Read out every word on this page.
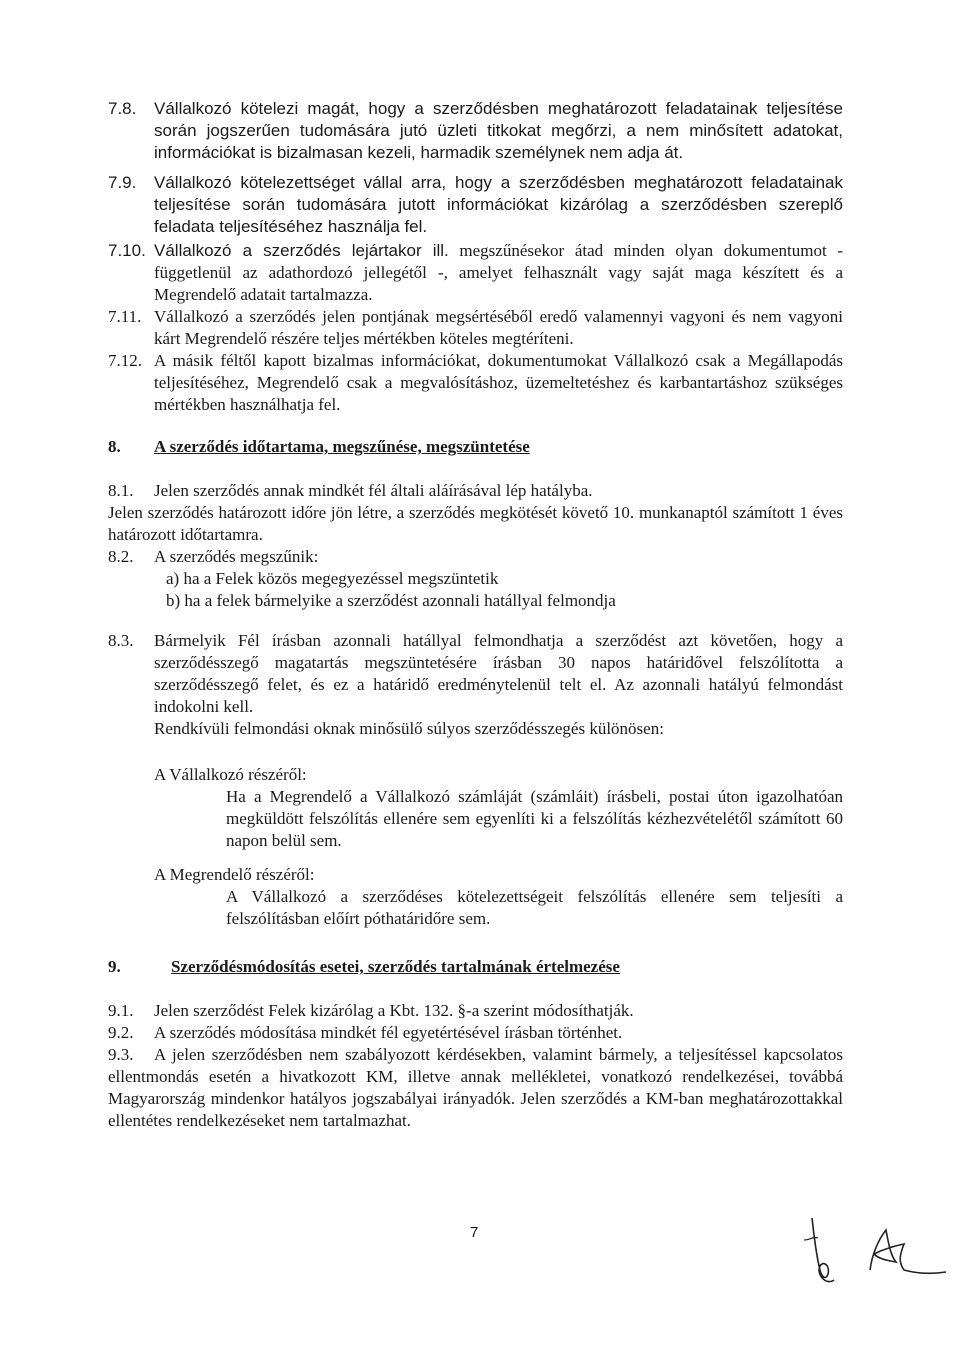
7.8. Vállalkozó kötelezi magát, hogy a szerződésben meghatározott feladatainak teljesítése során jogszerűen tudomására jutó üzleti titkokat megőrzi, a nem minősített adatokat, információkat is bizalmasan kezeli, harmadik személynek nem adja át.
7.9. Vállalkozó kötelezettséget vállal arra, hogy a szerződésben meghatározott feladatainak teljesítése során tudomására jutott információkat kizárólag a szerződésben szereplő feladata teljesítéséhez használja fel.
7.10. Vállalkozó a szerződés lejártakor ill. megszűnésekor átad minden olyan dokumentumot - függetlenül az adathordozó jellegétől -, amelyet felhasznált vagy saját maga készített és a Megrendelő adatait tartalmazza.
7.11. Vállalkozó a szerződés jelen pontjának megsértéséből eredő valamennyi vagyoni és nem vagyoni kárt Megrendelő részére teljes mértékben köteles megtéríteni.
7.12. A másik féltől kapott bizalmas információkat, dokumentumokat Vállalkozó csak a Megállapodás teljesítéséhez, Megrendelő csak a megvalósításhoz, üzemeltetéshez és karbantartáshoz szükséges mértékben használhatja fel.
8. A szerződés időtartama, megszűnése, megszüntetése
8.1. Jelen szerződés annak mindkét fél általi aláírásával lép hatályba.
Jelen szerződés határozott időre jön létre, a szerződés megkötését követő 10. munkanaptól számított 1 éves határozott időtartamra.
8.2. A szerződés megszűnik:
a) ha a Felek közös megegyezéssel megszüntetik
b) ha a felek bármelyike a szerződést azonnali hatállyal felmondja
8.3. Bármelyik Fél írásban azonnali hatállyal felmondhatja a szerződést azt követően, hogy a szerződésszegő magatartás megszüntetésére írásban 30 napos határidővel felszólította a szerződésszegő felet, és ez a határidő eredménytelenül telt el. Az azonnali hatályú felmondást indokolni kell.
Rendkívüli felmondási oknak minősülő súlyos szerződésszegés különösen:
A Vállalkozó részéről:
Ha a Megrendelő a Vállalkozó számláját (számláit) írásbeli, postai úton igazolhatóan megküldött felszólítás ellenére sem egyenlíti ki a felszólítás kézhezvételétől számított 60 napon belül sem.
A Megrendelő részéről:
A Vállalkozó a szerződéses kötelezettségeit felszólítás ellenére sem teljesíti a felszólításban előírt póthatáridőre sem.
9.	Szerződésmódosítás esetei, szerződés tartalmának értelmezése
9.1. Jelen szerződést Felek kizárólag a Kbt. 132. §-a szerint módosíthatják.
9.2. A szerződés módosítása mindkét fél egyetértésével írásban történhet.
9.3. A jelen szerződésben nem szabályozott kérdésekben, valamint bármely, a teljesítéssel kapcsolatos ellentmondás esetén a hivatkozott KM, illetve annak mellékletei, vonatkozó rendelkezései, továbbá Magyarország mindenkor hatályos jogszabályai irányadók. Jelen szerződés a KM-ban meghatározottakkal ellentétes rendelkezéseket nem tartalmazhat.
7
